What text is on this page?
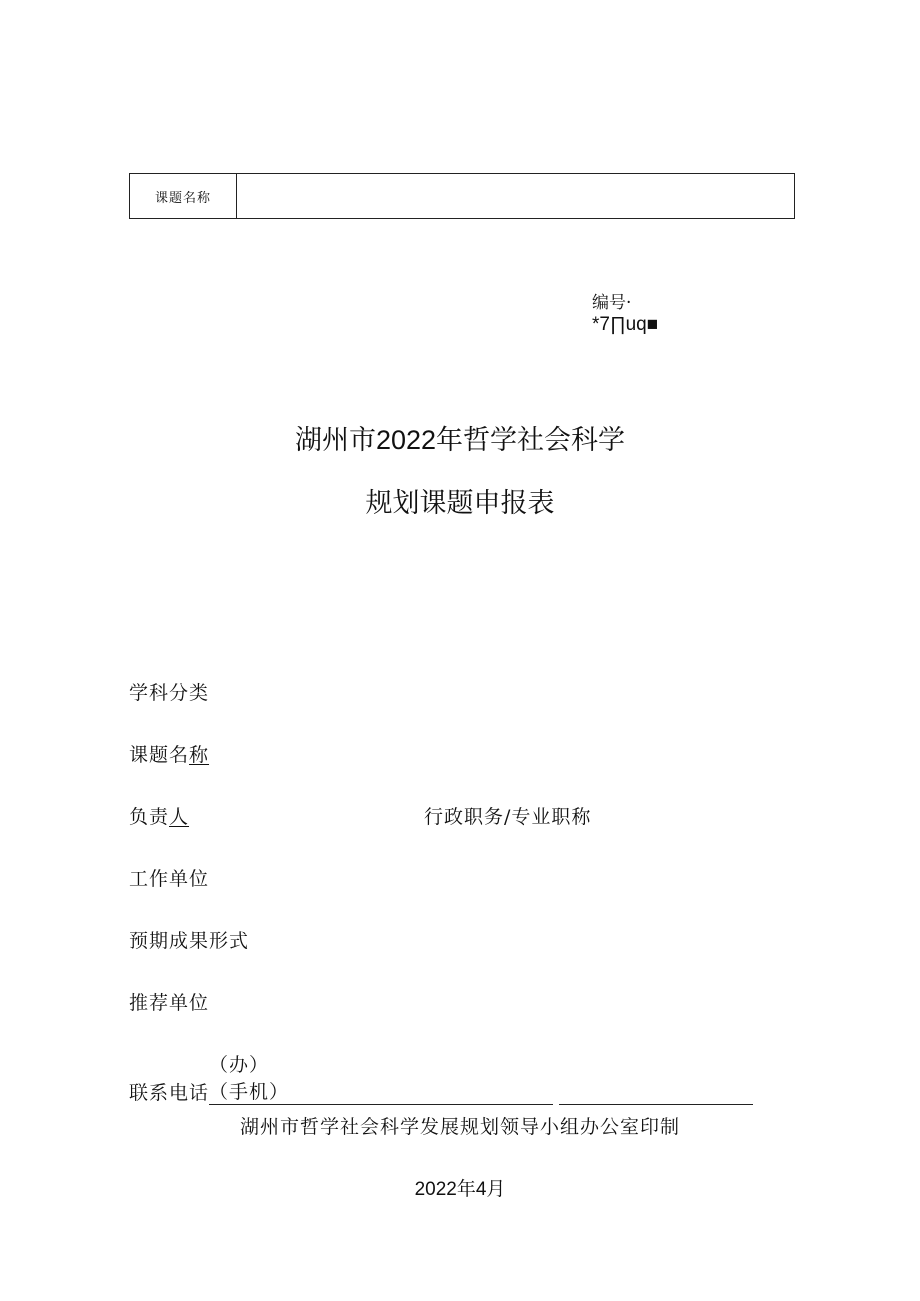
课题名称
编号·
*7∏uq■
湖州市2022年哲学社会科学
规划课题申报表
学科分类
课题名称
负责人	行政职务/专业职称
工作单位
预期成果形式
推荐单位
联系电话（办）（手机）
湖州市哲学社会科学发展规划领导小组办公室印制
2022年4月
